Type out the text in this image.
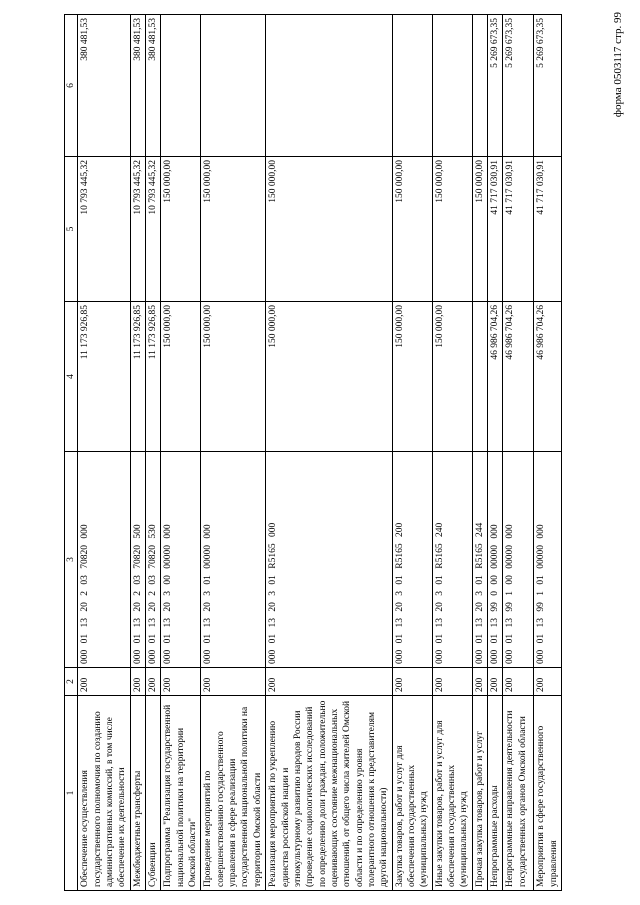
форма 0503117 стр. 99
1	2	3	4	5	6
Обеспечение осуществления государственного полномочия по созданию административных комиссий, в том числе обеспечение их деятельности	200	000 01 13 20 2 03 70820 000	11 173 926,85	10 793 445,32	380 481,53
Межбюджетные трансферты	200	000 01 13 20 2 03 70820 500	11 173 926,85	10 793 445,32	380 481,53
Субвенции	200	000 01 13 20 2 03 70820 530	11 173 926,85	10 793 445,32	380 481,53
Подпрограмма "Реализация государственной национальной политики на территории Омской области"	200	000 01 13 20 3 00 00000 000	150 000,00	150 000,00	
Проведение мероприятий по совершенствованию государственного управления в сфере реализации государственной национальной политики на территории Омской области	200	000 01 13 20 3 01 00000 000	150 000,00	150 000,00	
Реализация мероприятий по укреплению единства российской нации и этнокультурному развитию народов России (проведение социологических исследований по определению доли граждан, положительно оценивающих состояние межнациональных отношений, от общего числа жителей Омской области и по определению уровня толерантного отношения к представителям другой национальности)	200	000 01 13 20 3 01 R5165 000	150 000,00	150 000,00	
Закупка товаров, работ и услуг для обеспечения государственных (муниципальных) нужд	200	000 01 13 20 3 01 R5165 200	150 000,00	150 000,00	
Иные закупки товаров, работ и услуг для обеспечения государственных (муниципальных) нужд	200	000 01 13 20 3 01 R5165 240	150 000,00	150 000,00	
Прочая закупка товаров, работ и услуг	200	000 01 13 20 3 01 R5165 244		150 000,00	
Непрограммные расходы	200	000 01 13 99 0 00 00000 000	46 986 704,26	41 717 030,91	5 269 673,35
Непрограммные направления деятельности государственных органов Омской области	200	000 01 13 99 1 00 00000 000	46 986 704,26	41 717 030,91	5 269 673,35
Мероприятия в сфере государственного управления	200	000 01 13 99 1 01 00000 000	46 986 704,26	41 717 030,91	5 269 673,35
